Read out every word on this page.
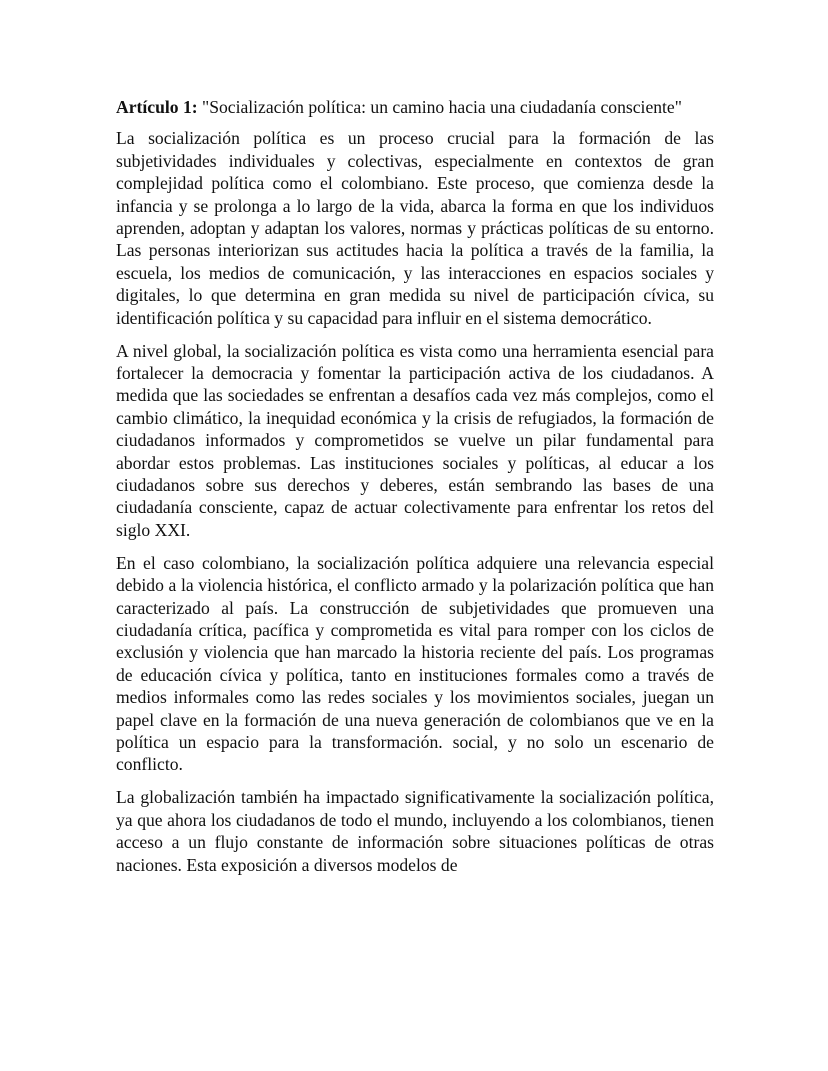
Artículo 1: "Socialización política: un camino hacia una ciudadanía consciente"

La socialización política es un proceso crucial para la formación de las subjetividades individuales y colectivas, especialmente en contextos de gran complejidad política como el colombiano. Este proceso, que comienza desde la infancia y se prolonga a lo largo de la vida, abarca la forma en que los individuos aprenden, adoptan y adaptan los valores, normas y prácticas políticas de su entorno. Las personas interiorizan sus actitudes hacia la política a través de la familia, la escuela, los medios de comunicación, y las interacciones en espacios sociales y digitales, lo que determina en gran medida su nivel de participación cívica, su identificación política y su capacidad para influir en el sistema democrático.

A nivel global, la socialización política es vista como una herramienta esencial para fortalecer la democracia y fomentar la participación activa de los ciudadanos. A medida que las sociedades se enfrentan a desafíos cada vez más complejos, como el cambio climático, la inequidad económica y la crisis de refugiados, la formación de ciudadanos informados y comprometidos se vuelve un pilar fundamental para abordar estos problemas. Las instituciones sociales y políticas, al educar a los ciudadanos sobre sus derechos y deberes, están sembrando las bases de una ciudadanía consciente, capaz de actuar colectivamente para enfrentar los retos del siglo XXI.

En el caso colombiano, la socialización política adquiere una relevancia especial debido a la violencia histórica, el conflicto armado y la polarización política que han caracterizado al país. La construcción de subjetividades que promueven una ciudadanía crítica, pacífica y comprometida es vital para romper con los ciclos de exclusión y violencia que han marcado la historia reciente del país. Los programas de educación cívica y política, tanto en instituciones formales como a través de medios informales como las redes sociales y los movimientos sociales, juegan un papel clave en la formación de una nueva generación de colombianos que ve en la política un espacio para la transformación. social, y no solo un escenario de conflicto.

La globalización también ha impactado significativamente la socialización política, ya que ahora los ciudadanos de todo el mundo, incluyendo a los colombianos, tienen acceso a un flujo constante de información sobre situaciones políticas de otras naciones. Esta exposición a diversos modelos de
